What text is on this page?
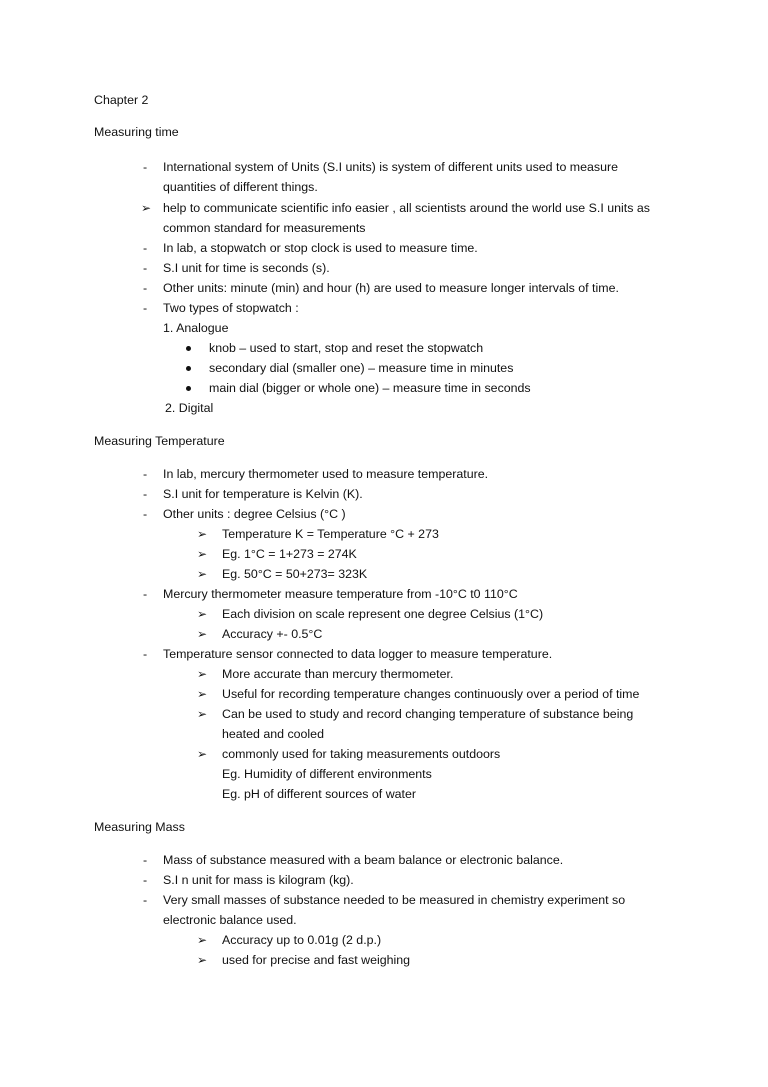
Chapter 2
Measuring time
- International system of Units (S.I units) is system of different units used to measure
quantities of different things.
➢ help to communicate scientific info easier , all scientists around the world use S.I units as
common standard for measurements
- In lab, a stopwatch or stop clock is used to measure time.
- S.I unit for time is seconds (s).
- Other units: minute (min) and hour (h) are used to measure longer intervals of time.
- Two types of stopwatch :
1. Analogue
knob – used to start, stop and reset the stopwatch
secondary dial (smaller one) – measure time in minutes
main dial (bigger or whole one) – measure time in seconds
2. Digital
Measuring Temperature
- In lab, mercury thermometer used to measure temperature.
- S.I unit for temperature is Kelvin (K).
- Other units : degree Celsius (°C )
➢ Temperature K = Temperature °C + 273
➢ Eg. 1°C = 1+273 = 274K
➢ Eg. 50°C = 50+273= 323K
- Mercury thermometer measure temperature from -10°C t0 110°C
➢ Each division on scale represent one degree Celsius (1°C)
➢ Accuracy +- 0.5°C
- Temperature sensor connected to data logger to measure temperature.
➢ More accurate than mercury thermometer.
➢ Useful for recording temperature changes continuously over a period of time
➢ Can be used to study and record changing temperature of substance being
heated and cooled
➢ commonly used for taking measurements outdoors
Eg. Humidity of different environments
Eg. pH of different sources of water
Measuring Mass
- Mass of substance measured with a beam balance or electronic balance.
- S.I n unit for mass is kilogram (kg).
- Very small masses of substance needed to be measured in chemistry experiment so
electronic balance used.
➢ Accuracy up to 0.01g (2 d.p.)
➢ used for precise and fast weighing
